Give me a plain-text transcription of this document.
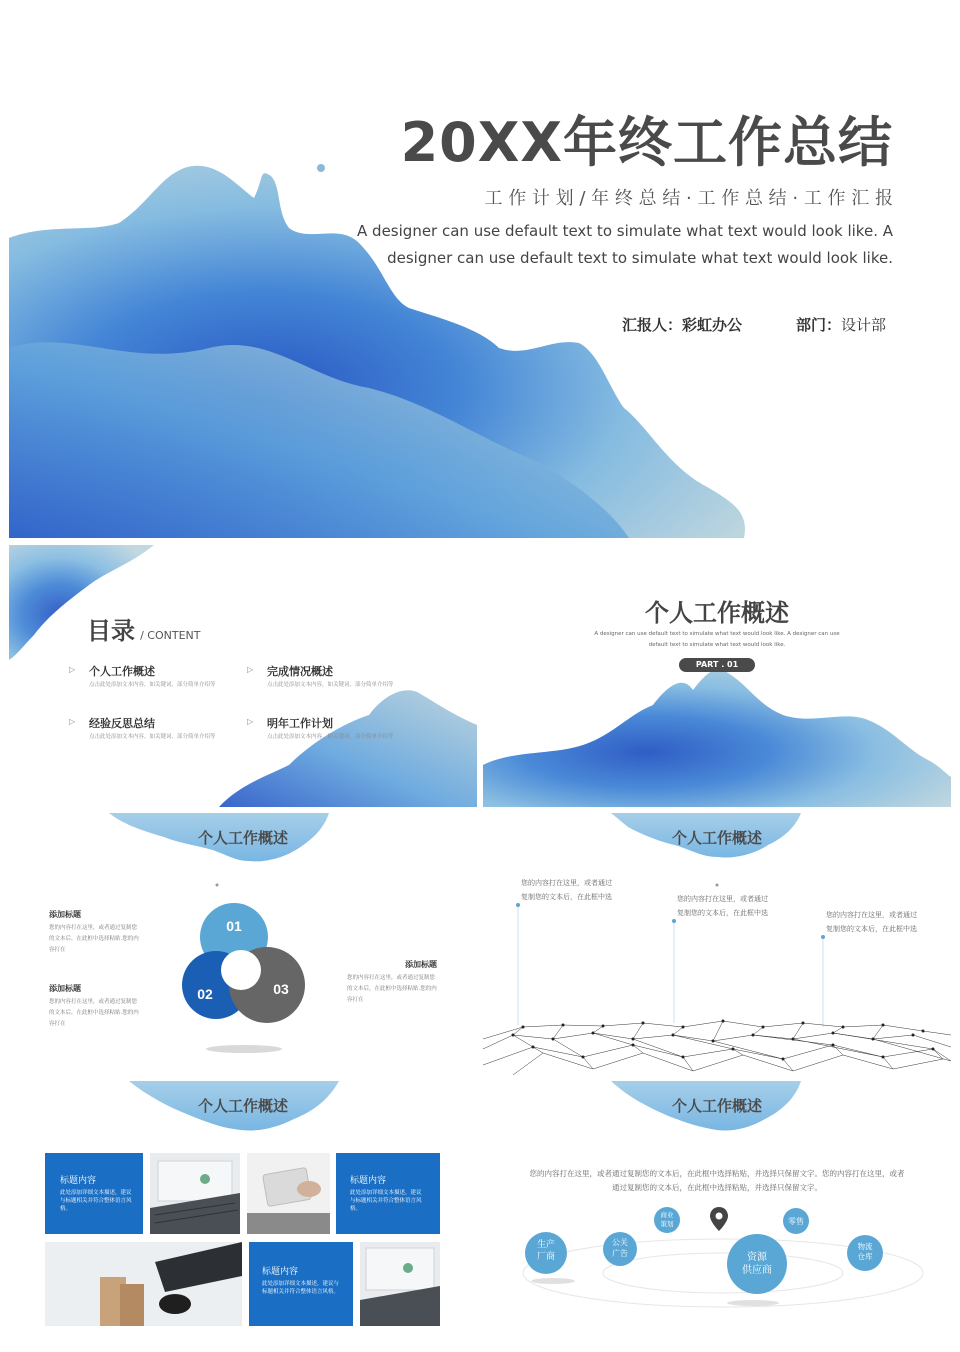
20XX年终工作总结
工 作 计 划 / 年 终 总 结 · 工 作 总 结 · 工 作 汇 报
A designer can use default text to simulate what text would look like. A
designer can use default text to simulate what text would look like.
汇报人：彩虹办公	部门：设计部
目录 / CONTENT
▷ 个人工作概述
点击此处添加文本内容，如关键词、部分简单介绍等
▷ 完成情况概述
点击此处添加文本内容，如关键词、部分简单介绍等
▷ 经验反思总结
点击此处添加文本内容，如关键词、部分简单介绍等
▷ 明年工作计划
点击此处添加文本内容，如关键词、部分简单介绍等
个人工作概述
A designer can use default text to simulate what text would look like. A designer can use
default text to simulate what text would look like.
PART . 01
个人工作概述
添加标题
您的内容打在这里，或者通过复制您的文本后，在此框中选择粘贴.您的内容打在
添加标题
您的内容打在这里，或者通过复制您的文本后，在此框中选择粘贴.您的内容打在
添加标题
您的内容打在这里，或者通过复制您的文本后，在此框中选择粘贴.您的内容打在
01
02	03
个人工作概述
您的内容打在这里，或者通过
复制您的文本后，在此框中选	您的内容打在这里，或者通过
复制您的文本后，在此框中选	您的内容打在这里，或者通过
复制您的文本后，在此框中选
个人工作概述
标题内容
此处添加详细文本描述，建议与标题相关并符合整体语言风格。
标题内容
此处添加详细文本描述，建议与标题相关并符合整体语言风格。
标题内容
此处添加详细文本描述，建议与标题相关并符合整体语言风格。
个人工作概述
您的内容打在这里，或者通过复制您的文本后，在此框中选择粘贴，并选择只保留文字。您的内容打在这里，或者
通过复制您的文本后，在此框中选择粘贴，并选择只保留文字。
生产
厂商
公关
广告
商业
策划
资源
供应商
零售
物流
仓库
